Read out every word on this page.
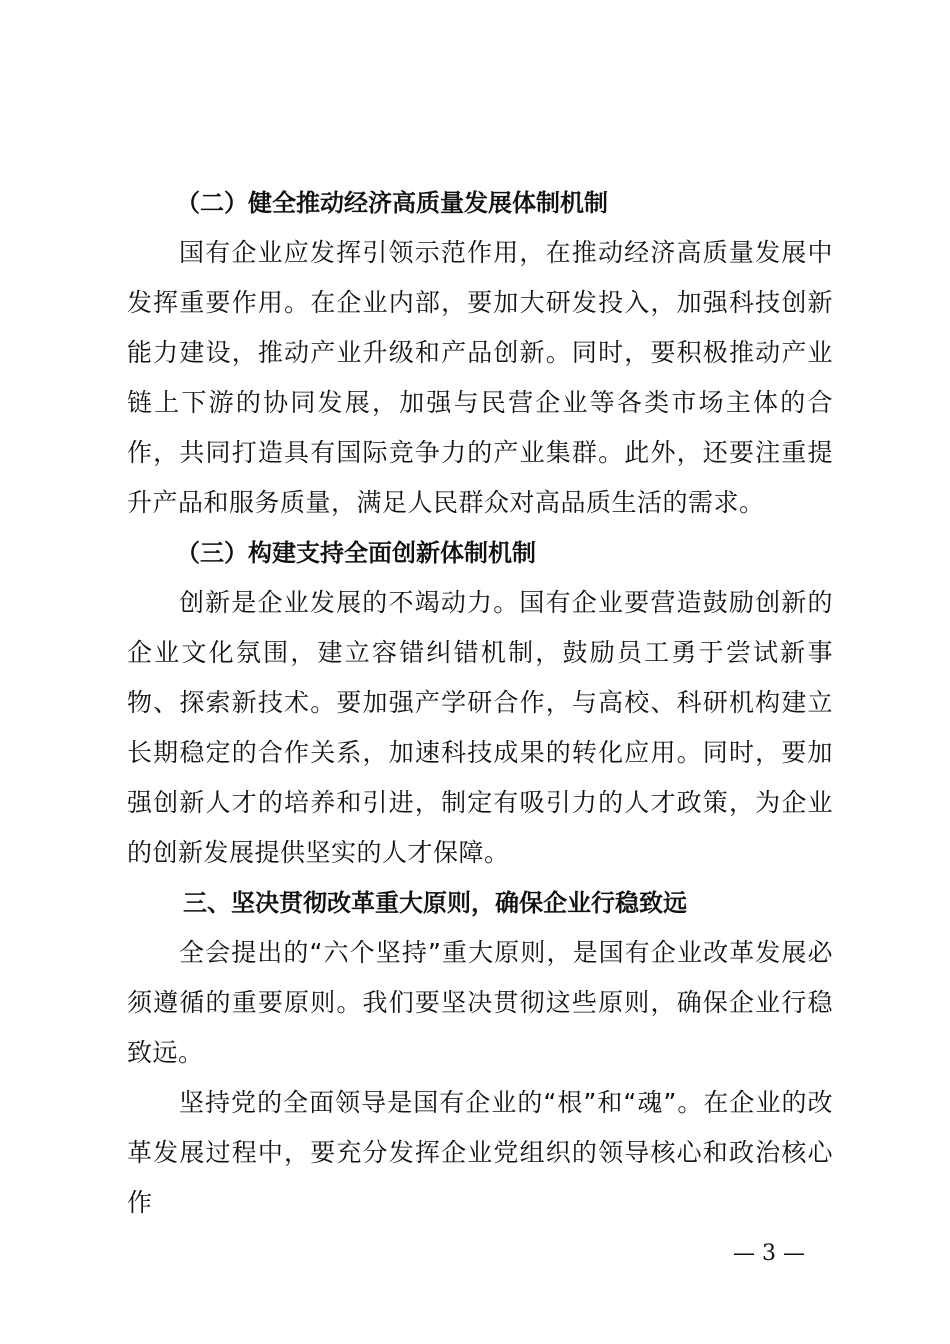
（二）健全推动经济高质量发展体制机制

国有企业应发挥引领示范作用，在推动经济高质量发展中发挥重要作用。在企业内部，要加大研发投入，加强科技创新能力建设，推动产业升级和产品创新。同时，要积极推动产业链上下游的协同发展，加强与民营企业等各类市场主体的合作，共同打造具有国际竞争力的产业集群。此外，还要注重提升产品和服务质量，满足人民群众对高品质生活的需求。

（三）构建支持全面创新体制机制

创新是企业发展的不竭动力。国有企业要营造鼓励创新的企业文化氛围，建立容错纠错机制，鼓励员工勇于尝试新事物、探索新技术。要加强产学研合作，与高校、科研机构建立长期稳定的合作关系，加速科技成果的转化应用。同时，要加强创新人才的培养和引进，制定有吸引力的人才政策，为企业的创新发展提供坚实的人才保障。

三、坚决贯彻改革重大原则，确保企业行稳致远

全会提出的“六个坚持”重大原则，是国有企业改革发展必须遵循的重要原则。我们要坚决贯彻这些原则，确保企业行稳致远。

坚持党的全面领导是国有企业的“根”和“魂”。在企业的改革发展过程中，要充分发挥企业党组织的领导核心和政治核心作

— 3 —
